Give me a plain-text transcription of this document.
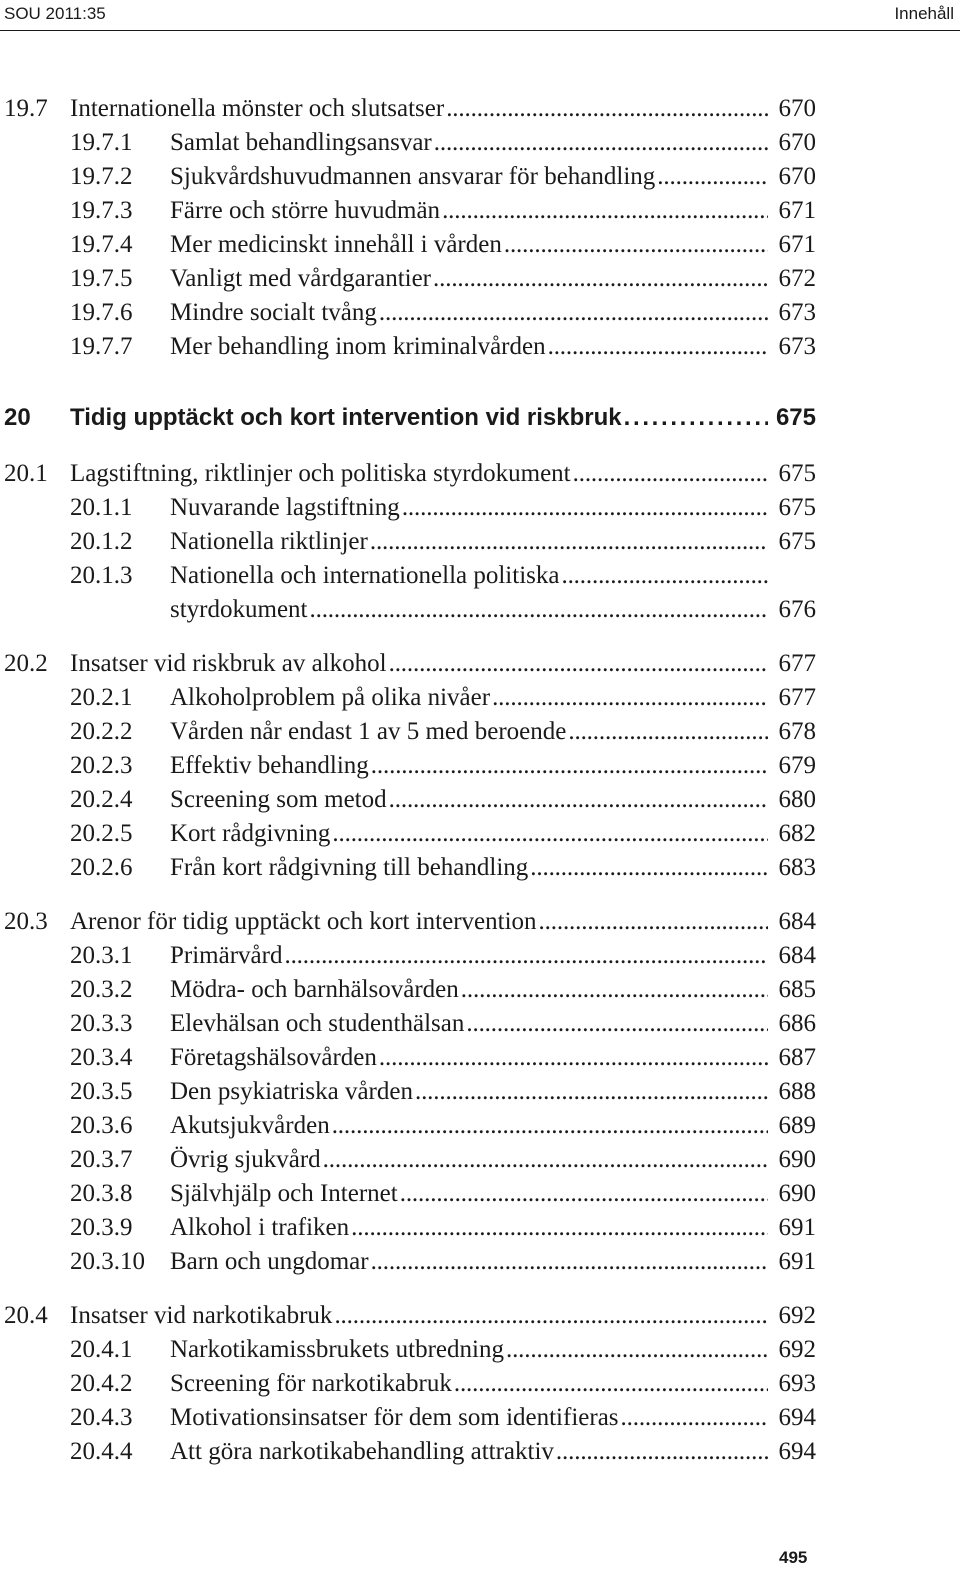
SOU 2011:35	Innehåll
19.7 Internationella mönster och slutsatser . . .	670
19.7.1 Samlat behandlingsansvar . . .	670
19.7.2 Sjukvårdshuvudmannen ansvarar för behandling . . .	670
19.7.3 Färre och större huvudmän . . .	671
19.7.4 Mer medicinskt innehåll i vården . . .	671
19.7.5 Vanligt med vårdgarantier . . .	672
19.7.6 Mindre socialt tvång . . .	673
19.7.7 Mer behandling inom kriminalvården . . .	673
20 Tidig upptäckt och kort intervention vid riskbruk . . .	675
20.1 Lagstiftning, riktlinjer och politiska styrdokument . . .	675
20.1.1 Nuvarande lagstiftning . . .	675
20.1.2 Nationella riktlinjer . . .	675
20.1.3 Nationella och internationella politiska
. . .
styrdokument . . .	676
20.2 Insatser vid riskbruk av alkohol . . .	677
20.2.1 Alkoholproblem på olika nivåer . . .	677
20.2.2 Vården når endast 1 av 5 med beroende . . .	678
20.2.3 Effektiv behandling . . .	679
20.2.4 Screening som metod . . .	680
20.2.5 Kort rådgivning . . .	682
20.2.6 Från kort rådgivning till behandling . . .	683
20.3 Arenor för tidig upptäckt och kort intervention . . .	684
20.3.1 Primärvård . . .	684
20.3.2 Mödra- och barnhälsovården . . .	685
20.3.3 Elevhälsan och studenthälsan . . .	686
20.3.4 Företagshälsovården . . .	687
20.3.5 Den psykiatriska vården . . .	688
20.3.6 Akutsjukvården . . .	689
20.3.7 Övrig sjukvård . . .	690
20.3.8 Självhjälp och Internet . . .	690
20.3.9 Alkohol i trafiken . . .	691
20.3.10 Barn och ungdomar . . .	691
20.4 Insatser vid narkotikabruk . . .	692
20.4.1 Narkotikamissbrukets utbredning . . .	692
20.4.2 Screening för narkotikabruk . . .	693
20.4.3 Motivationsinsatser för dem som identifieras . . .	694
20.4.4 Att göra narkotikabehandling attraktiv . . .	694
495
